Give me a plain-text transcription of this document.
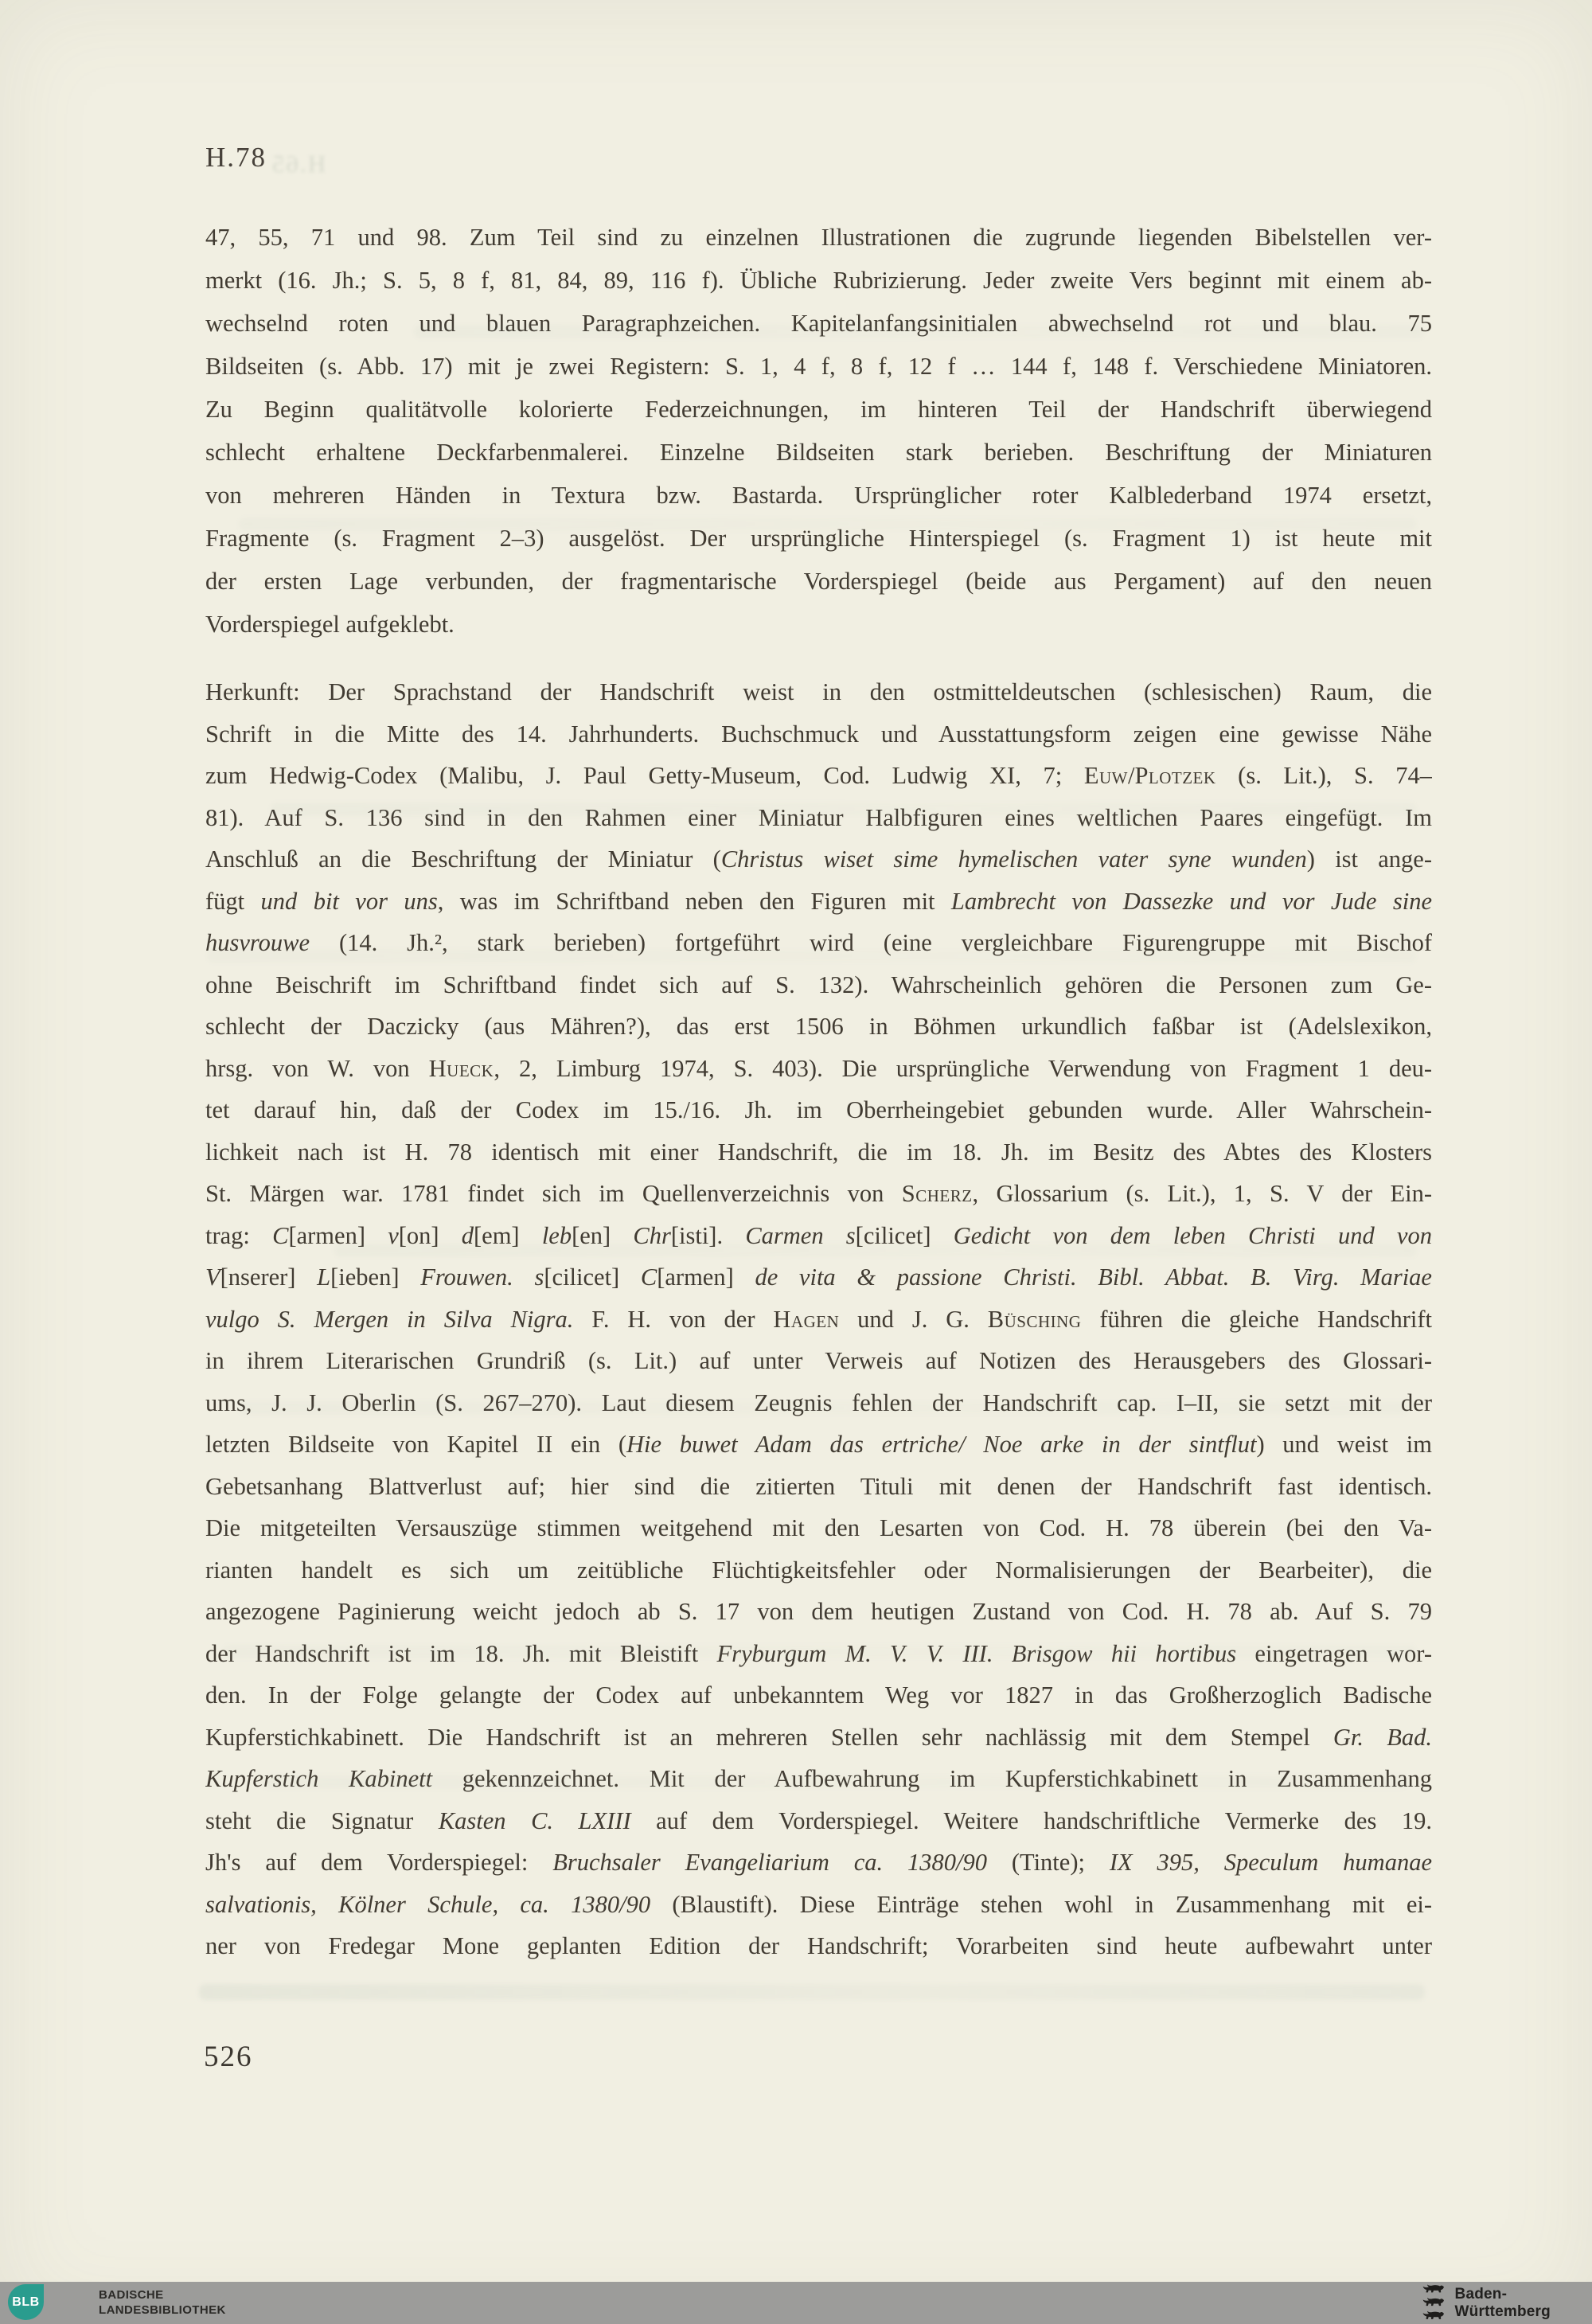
H.78 H.65
47, 55, 71 und 98. Zum Teil sind zu einzelnen Illustrationen die zugrunde liegenden Bibelstellen ver-
merkt (16. Jh.; S. 5, 8 f, 81, 84, 89, 116 f). Übliche Rubrizierung. Jeder zweite Vers beginnt mit einem ab-
wechselnd roten und blauen Paragraphzeichen. Kapitelanfangsinitialen abwechselnd rot und blau. 75
Bildseiten (s. Abb. 17) mit je zwei Registern: S. 1, 4 f, 8 f, 12 f … 144 f, 148 f. Verschiedene Miniatoren.
Zu Beginn qualitätvolle kolorierte Federzeichnungen, im hinteren Teil der Handschrift überwiegend
schlecht erhaltene Deckfarbenmalerei. Einzelne Bildseiten stark berieben. Beschriftung der Miniaturen
von mehreren Händen in Textura bzw. Bastarda. Ursprünglicher roter Kalblederband 1974 ersetzt,
Fragmente (s. Fragment 2–3) ausgelöst. Der ursprüngliche Hinterspiegel (s. Fragment 1) ist heute mit
der ersten Lage verbunden, der fragmentarische Vorderspiegel (beide aus Pergament) auf den neuen
Vorderspiegel aufgeklebt.
Herkunft: Der Sprachstand der Handschrift weist in den ostmitteldeutschen (schlesischen) Raum, die
Schrift in die Mitte des 14. Jahrhunderts. Buchschmuck und Ausstattungsform zeigen eine gewisse Nähe
zum Hedwig-Codex (Malibu, J. Paul Getty-Museum, Cod. Ludwig XI, 7; Euw/Plotzek (s. Lit.), S. 74–
81). Auf S. 136 sind in den Rahmen einer Miniatur Halbfiguren eines weltlichen Paares eingefügt. Im
Anschluß an die Beschriftung der Miniatur (Christus wiset sime hymelischen vater syne wunden) ist ange-
fügt und bit vor uns, was im Schriftband neben den Figuren mit Lambrecht von Dassezke und vor Jude sine
husvrouwe (14. Jh.², stark berieben) fortgeführt wird (eine vergleichbare Figurengruppe mit Bischof
ohne Beischrift im Schriftband findet sich auf S. 132). Wahrscheinlich gehören die Personen zum Ge-
schlecht der Daczicky (aus Mähren?), das erst 1506 in Böhmen urkundlich faßbar ist (Adelslexikon,
hrsg. von W. von Hueck, 2, Limburg 1974, S. 403). Die ursprüngliche Verwendung von Fragment 1 deu-
tet darauf hin, daß der Codex im 15./16. Jh. im Oberrheingebiet gebunden wurde. Aller Wahrschein-
lichkeit nach ist H. 78 identisch mit einer Handschrift, die im 18. Jh. im Besitz des Abtes des Klosters
St. Märgen war. 1781 findet sich im Quellenverzeichnis von Scherz, Glossarium (s. Lit.), 1, S. V der Ein-
trag: C[armen] v[on] d[em] leb[en] Chr[isti]. Carmen s[cilicet] Gedicht von dem leben Christi und von
V[nserer] L[ieben] Frouwen. s[cilicet] C[armen] de vita & passione Christi. Bibl. Abbat. B. Virg. Mariae
vulgo S. Mergen in Silva Nigra. F. H. von der Hagen und J. G. Büsching führen die gleiche Handschrift
in ihrem Literarischen Grundriß (s. Lit.) auf unter Verweis auf Notizen des Herausgebers des Glossari-
ums, J. J. Oberlin (S. 267–270). Laut diesem Zeugnis fehlen der Handschrift cap. I–II, sie setzt mit der
letzten Bildseite von Kapitel II ein (Hie buwet Adam das ertriche/ Noe arke in der sintflut) und weist im
Gebetsanhang Blattverlust auf; hier sind die zitierten Tituli mit denen der Handschrift fast identisch.
Die mitgeteilten Versauszüge stimmen weitgehend mit den Lesarten von Cod. H. 78 überein (bei den Va-
rianten handelt es sich um zeitübliche Flüchtigkeitsfehler oder Normalisierungen der Bearbeiter), die
angezogene Paginierung weicht jedoch ab S. 17 von dem heutigen Zustand von Cod. H. 78 ab. Auf S. 79
der Handschrift ist im 18. Jh. mit Bleistift Fryburgum M. V. V. III. Brisgow hii hortibus eingetragen wor-
den. In der Folge gelangte der Codex auf unbekanntem Weg vor 1827 in das Großherzoglich Badische
Kupferstichkabinett. Die Handschrift ist an mehreren Stellen sehr nachlässig mit dem Stempel Gr. Bad.
Kupferstich Kabinett gekennzeichnet. Mit der Aufbewahrung im Kupferstichkabinett in Zusammenhang
steht die Signatur Kasten C. LXIII auf dem Vorderspiegel. Weitere handschriftliche Vermerke des 19.
Jh's auf dem Vorderspiegel: Bruchsaler Evangeliarium ca. 1380/90 (Tinte); IX 395, Speculum humanae
salvationis, Kölner Schule, ca. 1380/90 (Blaustift). Diese Einträge stehen wohl in Zusammenhang mit ei-
ner von Fredegar Mone geplanten Edition der Handschrift; Vorarbeiten sind heute aufbewahrt unter
526
BLB	BADISCHE
LANDESBIBLIOTHEK
Baden-Württemberg
